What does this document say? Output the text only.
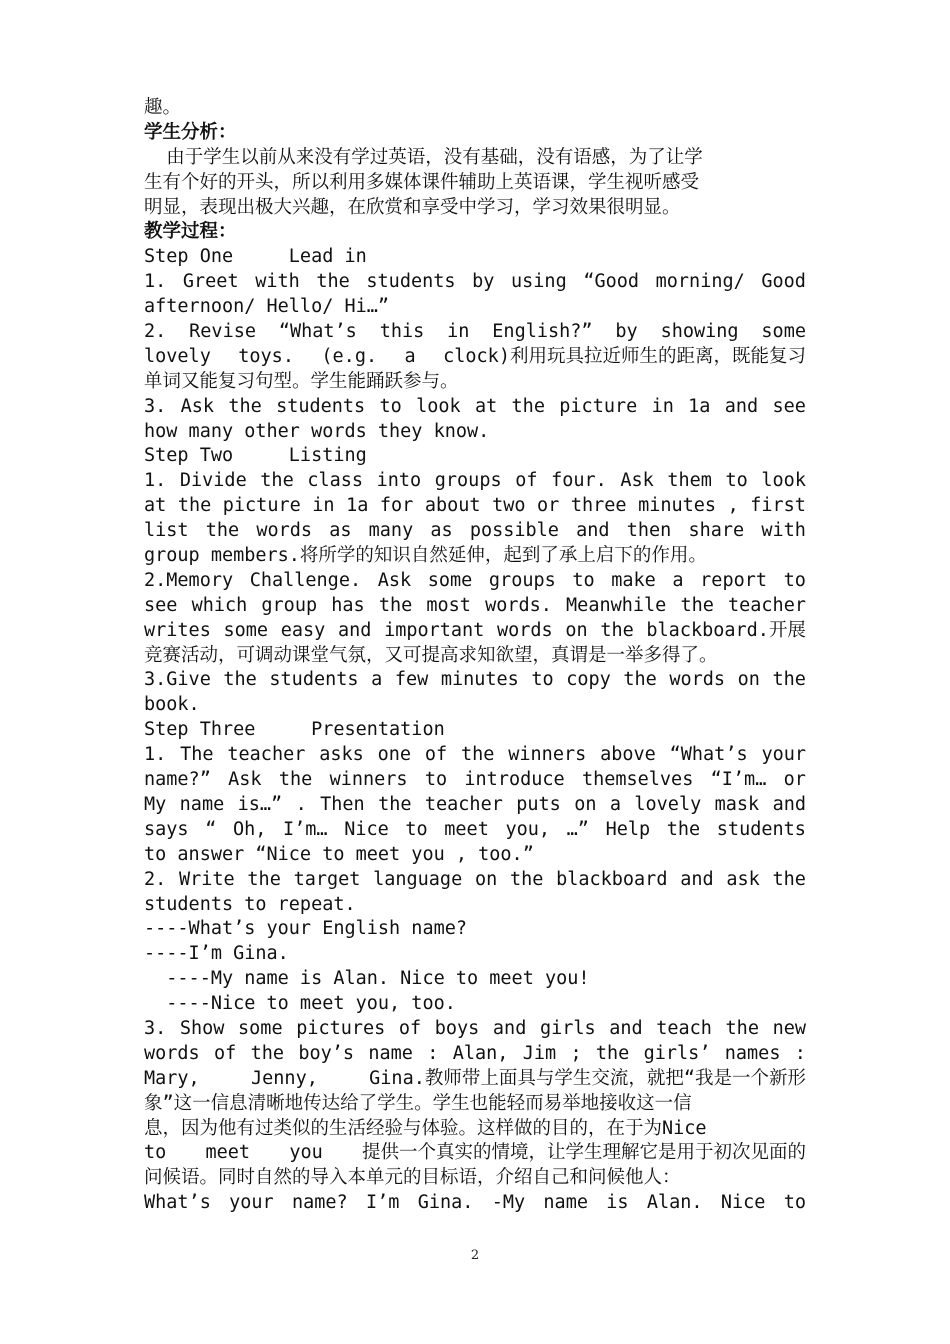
趣。
学生分析：
由于学生以前从来没有学过英语，没有基础，没有语感，为了让学
生有个好的开头，所以利用多媒体课件辅助上英语课，学生视听感受
明显，表现出极大兴趣，在欣赏和享受中学习，学习效果很明显。
教学过程：
Step One     Lead in
1. Greet with the students by using “Good morning/ Good
afternoon/ Hello/ Hi…”
2. Revise “What’s this in English?” by showing some
lovely toys. (e.g. a clock)利用玩具拉近师生的距离，既能复习
单词又能复习句型。学生能踊跃参与。
3. Ask the students to look at the picture in 1a and see
how many other words they know.
Step Two     Listing
1. Divide the class into groups of four. Ask them to look
at the picture in 1a for about two or three minutes , first
list the words as many as possible and then share with
group members.将所学的知识自然延伸，起到了承上启下的作用。
2.Memory Challenge. Ask some groups to make a report to
see which group has the most words. Meanwhile the teacher
writes some easy and important words on the blackboard.开展
竞赛活动，可调动课堂气氛，又可提高求知欲望，真谓是一举多得了。
3.Give the students a few minutes to copy the words on the
book.
Step Three     Presentation
1. The teacher asks one of the winners above “What’s your
name?” Ask the winners to introduce themselves “I’m… or
My name is…” . Then the teacher puts on a lovely mask and
says “ Oh, I’m… Nice to meet you, …” Help the students
to answer “Nice to meet you , too.”
2. Write the target language on the blackboard and ask the
students to repeat.
----What’s your English name?
----I’m Gina.
----My name is Alan. Nice to meet you!
----Nice to meet you, too.
3. Show some pictures of boys and girls and teach the new
words of the boy’s name : Alan, Jim ; the girls’ names :
Mary,	Jenny,	Gina.教师带上面具与学生交流，就把“我是一个新形
象”这一信息清晰地传达给了学生。学生也能轻而易举地接收这一信
息，因为他有过类似的生活经验与体验。这样做的目的，在于为Nice
to meet you 提供一个真实的情境，让学生理解它是用于初次见面的
问候语。同时自然的导入本单元的目标语，介绍自己和问候他人：
What’s your name? I’m Gina. -My name is Alan. Nice to
2
